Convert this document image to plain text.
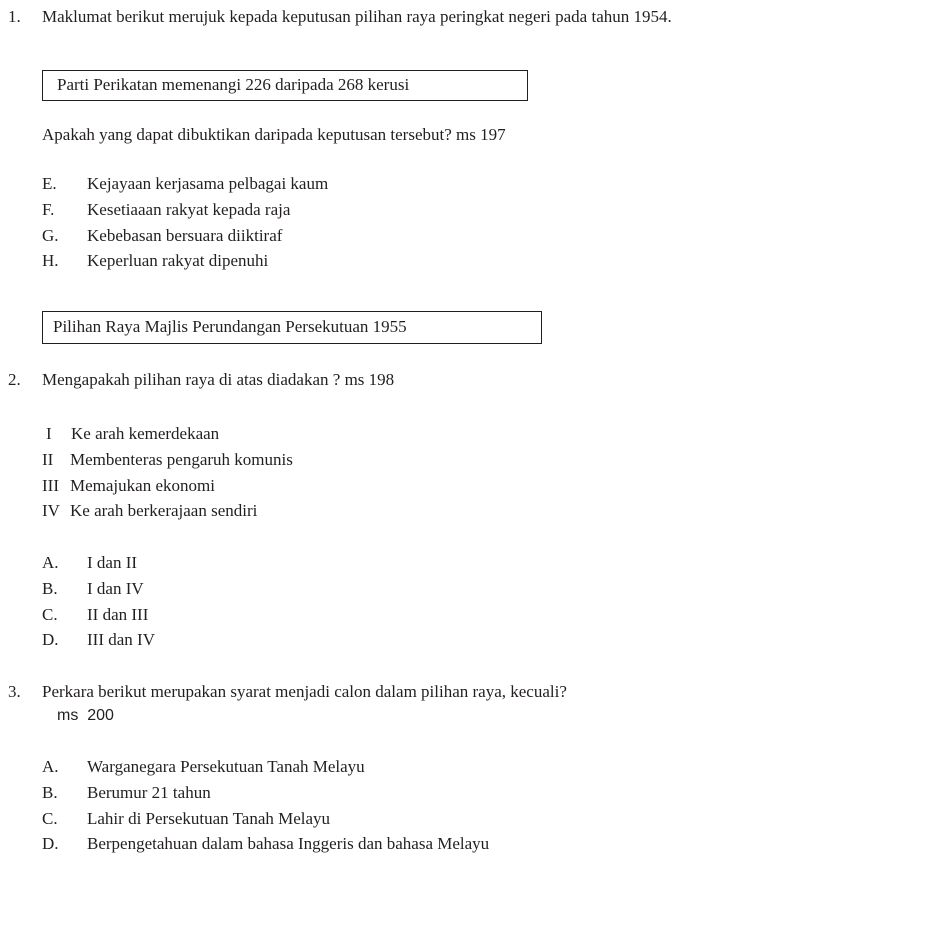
1. Maklumat berikut merujuk kepada keputusan pilihan raya peringkat negeri pada tahun 1954.
Parti Perikatan memenangi 226 daripada 268 kerusi
Apakah yang dapat dibuktikan daripada keputusan tersebut? ms 197
E. Kejayaan kerjasama pelbagai kaum
F. Kesetiaaan rakyat kepada raja
G. Kebebasan bersuara diiktiraf
H. Keperluan rakyat dipenuhi
Pilihan Raya Majlis Perundangan Persekutuan 1955
2. Mengapakah pilihan raya di atas diadakan ? ms 198
I Ke arah kemerdekaan
II Membenteras pengaruh komunis
III Memajukan ekonomi
IV Ke arah berkerajaan sendiri
A. I dan II
B. I dan IV
C. II dan III
D. III dan IV
3. Perkara berikut merupakan syarat menjadi calon dalam pilihan raya, kecuali?
ms  200
A. Warganegara Persekutuan Tanah Melayu
B. Berumur 21 tahun
C. Lahir di Persekutuan Tanah Melayu
D. Berpengetahuan dalam bahasa Inggeris dan bahasa Melayu
